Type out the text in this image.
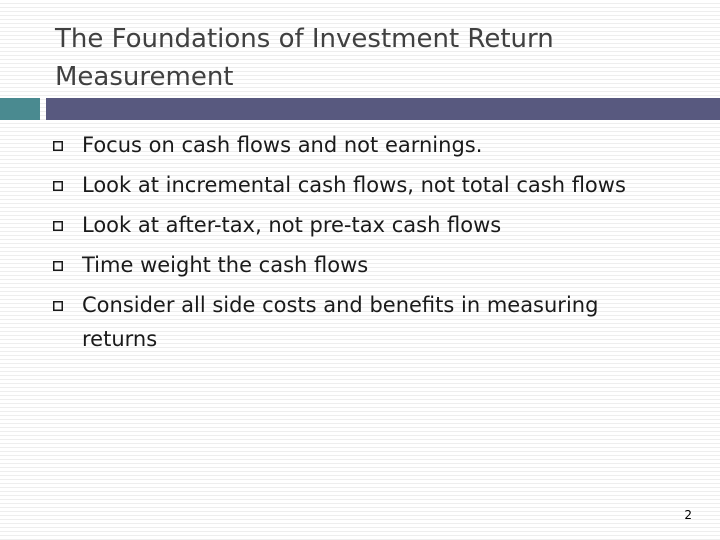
The Foundations of Investment Return Measurement
Focus on cash flows and not earnings.
Look at incremental cash flows, not total cash flows
Look at after-tax, not pre-tax cash flows
Time weight the cash flows
Consider all side costs and benefits in measuring returns
2
